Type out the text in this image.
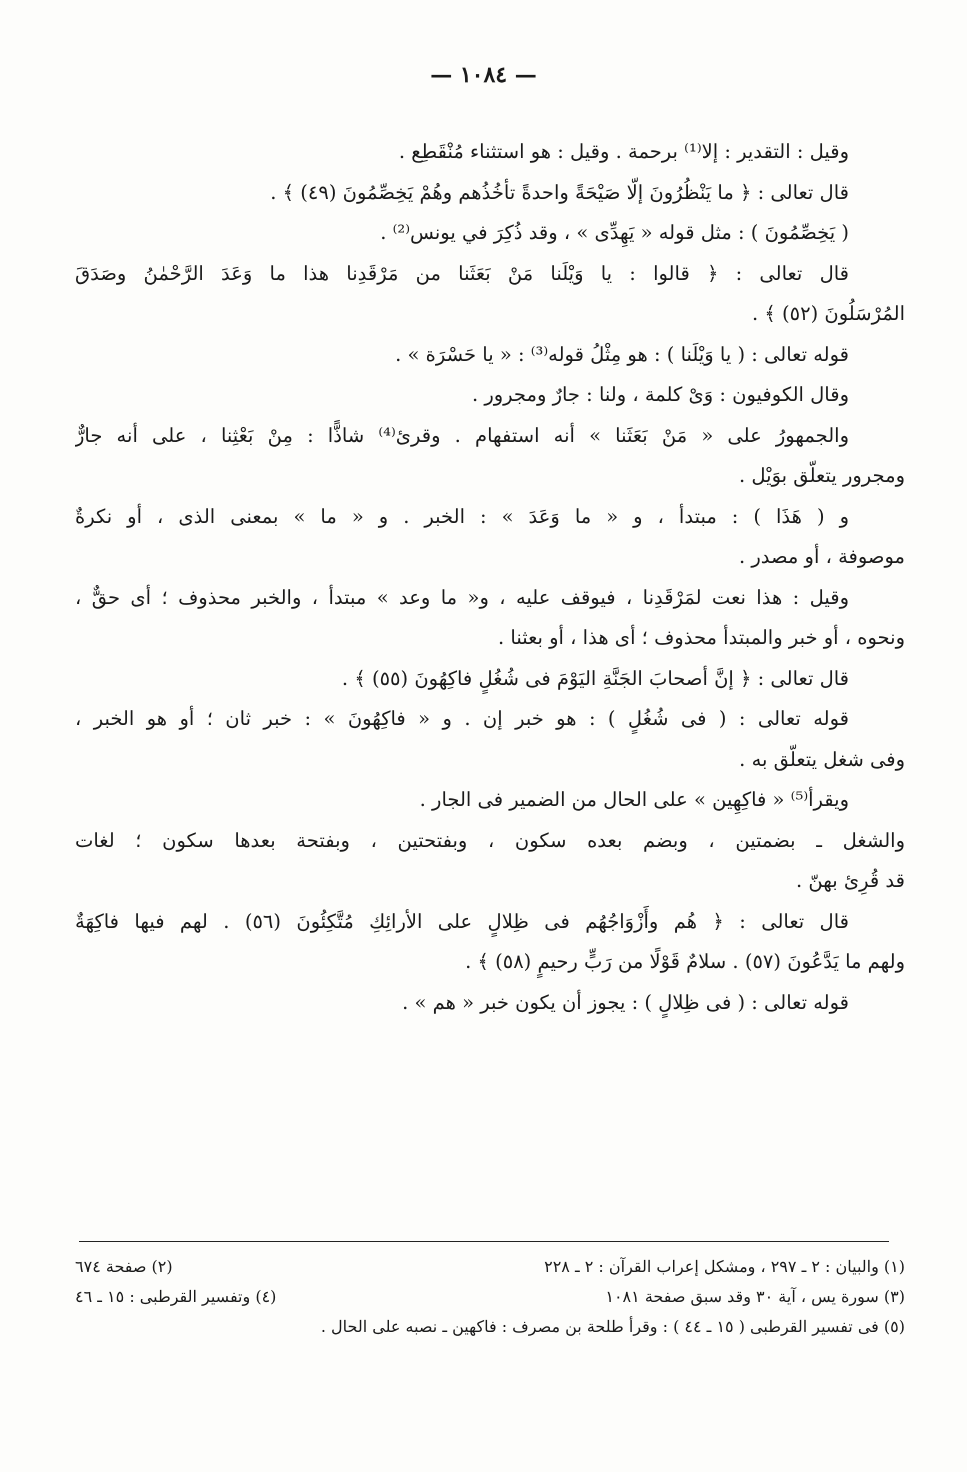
— ١٠٨٤ —
وقيل : التقدير : إلا⁽¹⁾ برحمة . وقيل : هو استثناء مُنْقَطِع .
قال تعالى : ﴿ ما يَنْظُرُونَ إلّا صَيْحَةً واحدةً تأخُذُهم وهُمْ يَخِصِّمُونَ (٤٩) ﴾ .
( يَخِصِّمُونَ ) : مثل قوله « يَهِدِّى » ، وقد ذُكِرَ في يونس⁽²⁾ .
قال تعالى : ﴿ قالوا : يا وَيْلَنا مَنْ بَعَثَنا من مَرْقَدِنا هذا ما وَعَدَ الرَّحْمٰنُ وصَدَقَ
المُرْسَلُونَ (٥٢) ﴾ .
قوله تعالى : ( يا وَيْلَنا ) : هو مِثْلُ قوله⁽³⁾ : « يا حَسْرَة » .
وقال الكوفيون : وَىْ كلمة ، ولنا : جارٌ ومجرور .
والجمهورُ على « مَنْ بَعَثَنا » أنه استفهام . وقرئ⁽⁴⁾ شاذًّا : مِنْ بَعْثِنا ، على أنه جارٌّ
ومجرور يتعلّق بوَيْل .
و ( هَذَا ) : مبتدأ ، و « ما وَعَدَ » : الخبر . و « ما » بمعنى الذى ، أو نكرةٌ
موصوفة ، أو مصدر .
وقيل : هذا نعت لمَرْقَدِنا ، فيوقف عليه ، و« ما وعد » مبتدأ ، والخبر محذوف ؛ أى حقٌّ ،
ونحوه ، أو خبر والمبتدأ محذوف ؛ أى هذا ، أو بعثنا .
قال تعالى : ﴿ إنَّ أصحابَ الجَنَّةِ اليَوْمَ فى شُغُلٍ فاكِهُونَ (٥٥) ﴾ .
قوله تعالى : ( فى شُغُلٍ ) : هو خبر إن . و « فاكِهُونَ » : خبر ثان ؛ أو هو الخبر ،
وفى شغل يتعلّق به .
ويقرأ⁽⁵⁾ « فاكِهِين » على الحال من الضمير فى الجار .
والشغل ـ بضمتين ، وبضم بعده سكون ، وبفتحتين ، وبفتحة بعدها سكون ؛ لغات
قد قُرِئ بهنّ .
قال تعالى : ﴿ هُم وأَزْوَاجُهُم فى ظِلالٍ على الأرائِكِ مُتَّكِئُونَ (٥٦) . لهم فيها فاكِهَةٌ
ولهم ما يَدَّعُونَ (٥٧) . سلامٌ قَوْلًا من رَبٍّ رحيمٍ (٥٨) ﴾ .
قوله تعالى : ( فى ظِلالٍ ) : يجوز أن يكون خبر « هم » .
(١) والبيان : ٢ ـ ٢٩٧ ، ومشكل إعراب القرآن : ٢ ـ ٢٢٨
(٢) صفحة ٦٧٤
(٣) سورة يس ، آية ٣٠ وقد سبق صفحة ١٠٨١
(٤) وتفسير القرطبى : ١٥ ـ ٤٦
(٥) فى تفسير القرطبى ( ١٥ ـ ٤٤ ) : وقرأ طلحة بن مصرف : فاكهين ـ نصبه على الحال .
